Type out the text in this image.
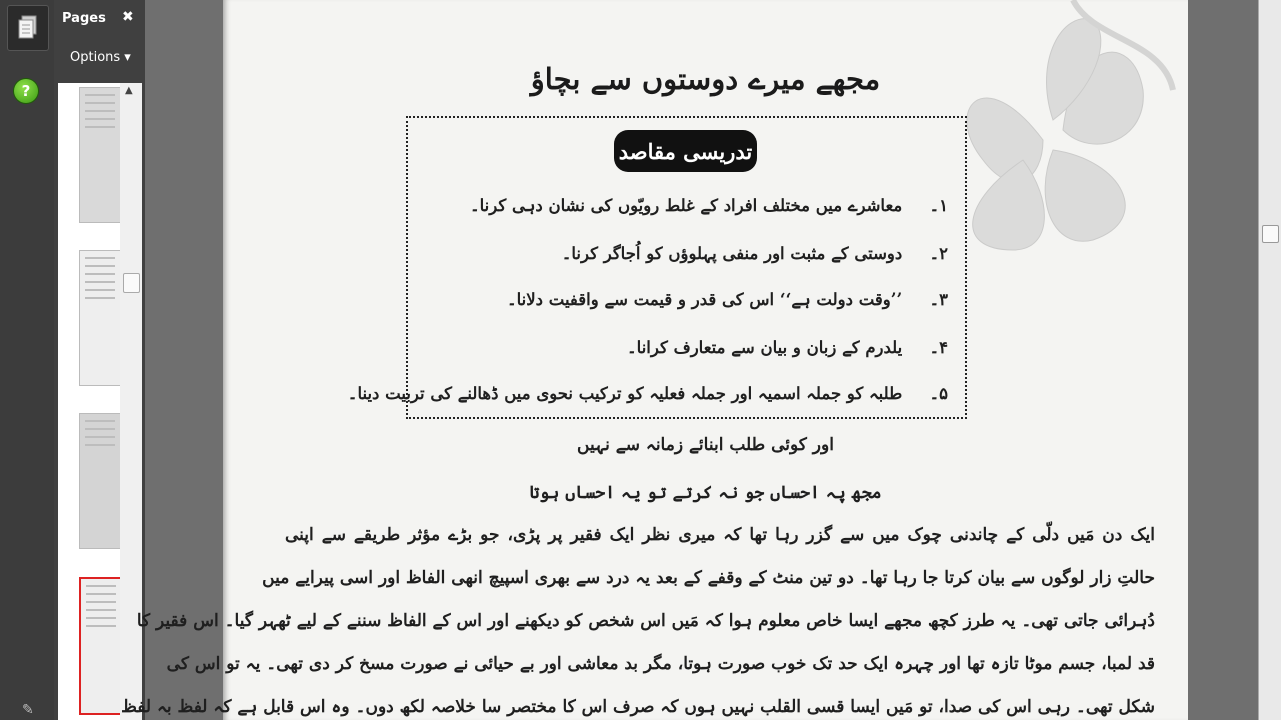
?
✎
Pages ✖
Options ▾
▲	مجھے میرے دوستوں سے بچاؤ
تدریسی مقاصد
۱۔ معاشرے میں مختلف افراد کے غلط رویّوں کی نشان دہی کرنا۔
۲۔ دوستی کے مثبت اور منفی پہلوؤں کو اُجاگر کرنا۔
۳۔ ’’وقت دولت ہے‘‘ اس کی قدر و قیمت سے واقفیت دلانا۔
۴۔ یلدرم کے زبان و بیان سے متعارف کرانا۔
۵۔ طلبہ کو جملہ اسمیہ اور جملہ فعلیہ کو ترکیب نحوی میں ڈھالنے کی تربیت دینا۔
اور کوئی طلب ابنائے زمانہ سے نہیں
مجھ پہ احساں جو نہ کرتے تو یہ احساں ہوتا
ایک دن مَیں دلّی کے چاندنی چوک میں سے گزر رہا تھا کہ میری نظر ایک فقیر پر پڑی، جو بڑے مؤثر طریقے سے اپنی
حالتِ زار لوگوں سے بیان کرتا جا رہا تھا۔ دو تین منٹ کے وقفے کے بعد یہ درد سے بھری اسپیچ انھی الفاظ اور اسی پیرایے میں
دُہرائی جاتی تھی۔ یہ طرز کچھ مجھے ایسا خاص معلوم ہوا کہ مَیں اس شخص کو دیکھنے اور اس کے الفاظ سننے کے لیے ٹھہر گیا۔ اس فقیر کا
قد لمبا، جسم موٹا تازہ تھا اور چہرہ ایک حد تک خوب صورت ہوتا، مگر بد معاشی اور بے حیائی نے صورت مسخ کر دی تھی۔ یہ تو اس کی
شکل تھی۔ رہی اس کی صدا، تو مَیں ایسا قسی القلب نہیں ہوں کہ صرف اس کا مختصر سا خلاصہ لکھ دوں۔ وہ اس قابل ہے کہ لفظ بہ لفظ
